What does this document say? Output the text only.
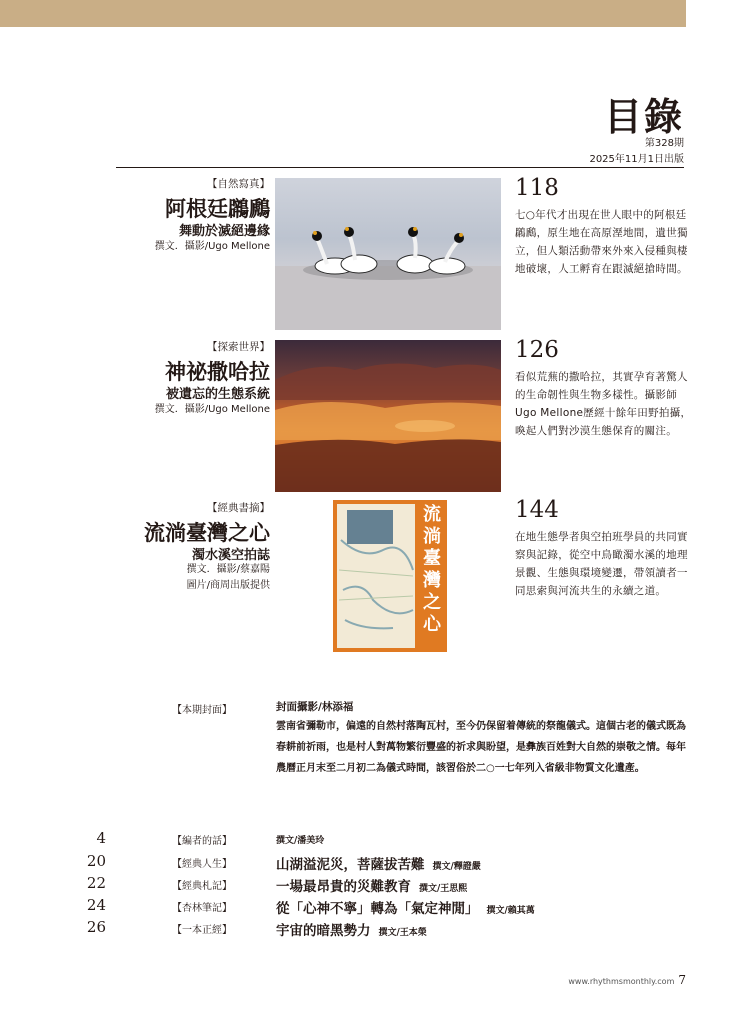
目錄
第328期
2025年11月1日出版
【自然寫真】
阿根廷鸊鷉
舞動於滅絕邊緣
撰文．攝影/Ugo Mellone
118
七○年代才出現在世人眼中的阿根廷鸊鷉，原生地在高原溼地間，遺世獨立，但人類活動帶來外來入侵種與棲地破壞，人工孵育在跟滅絕搶時間。
【探索世界】
神祕撒哈拉
被遺忘的生態系統
撰文．攝影/Ugo Mellone
126
看似荒蕪的撒哈拉，其實孕育著驚人的生命韌性與生物多樣性。攝影師Ugo Mellone歷經十餘年田野拍攝，喚起人們對沙漠生態保育的關注。
【經典書摘】
流淌臺灣之心
濁水溪空拍誌
撰文．攝影/蔡嘉陽
圖片/商周出版提供
流淌臺灣之心
144
在地生態學者與空拍班學員的共同實察與記錄，從空中鳥瞰濁水溪的地理景觀、生態與環境變遷，帶領讀者一同思索與河流共生的永續之道。
【本期封面】	封面攝影/林添福
雲南省彌勒市，偏遠的自然村落陶瓦村，至今仍保留着傳統的祭龍儀式。這個古老的儀式既為春耕前祈雨，也是村人對萬物繁衍豐盛的祈求與盼望，是彝族百姓對大自然的崇敬之情。每年農曆正月末至二月初二為儀式時間，該習俗於二○一七年列入省級非物質文化遺產。
4	【編者的話】	撰文/潘美玲
20	【經典人生】	山湖溢泥災，菩薩拔苦難 撰文/釋證嚴
22	【經典札記】	一場最昂貴的災難教育 撰文/王思熙
24	【杏林筆記】	從「心神不寧」轉為「氣定神閒」 撰文/賴其萬
26	【一本正經】	宇宙的暗黑勢力 撰文/王本榮
www.rhythmsmonthly.com 7
